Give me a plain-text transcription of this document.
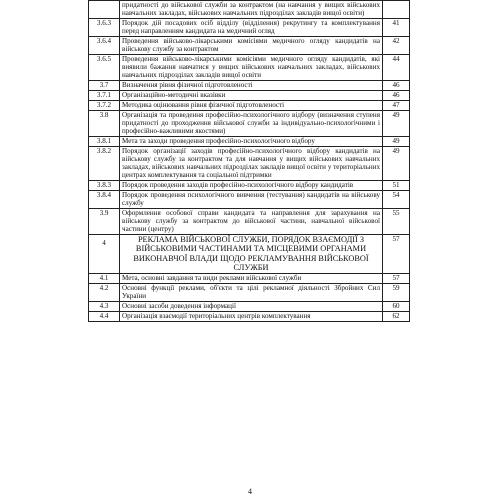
	придатності до військової служби за контрактом (на навчання у вищих військових навчальних закладах, військових навчальних підрозділах закладів вищої освіти)	
3.6.3	Порядок дій посадових осіб відділу (відділення) рекрутингу та комплектування перед направленням кандидата на медичний огляд	41
3.6.4	Проведення військово-лікарськими комісіями медичного огляду кандидатів на військову службу за контрактом	42
3.6.5	Проведення військово-лікарськими комісіями медичного огляду кандидатів, які виявили бажання навчатися у вищих військових навчальних закладах, військових навчальних підрозділах закладів вищої освіти	44
3.7	Визначення рівня фізичної підготовленості	46
3.7.1	Організаційно-методичні вказівки	46
3.7.2	Методика оцінювання рівня фізичної підготовленості	47
3.8	Організація та проведення професійно-психологічного відбору (визначення ступеня придатності до проходження військової служби за індивідуально-психологічними і професійно-важливими якостями)	49
3.8.1	Мета та заходи проведення професійно-психологічного відбору	49
3.8.2	Порядок організації заходів професійно-психологічного відбору кандидатів на військову службу за контрактом та для навчання у вищих військових навчальних закладах, військових навчальних підрозділах закладів вищої освіти у територіальних центрах комплектування та соціальної підтримки	49
3.8.3	Порядок проведення заходів професійно-психологічного відбору кандидатів	51
3.8.4	Порядок проведення психологічного вивчення (тестування) кандидатів на військову службу	54
3.9	Оформлення особової справи кандидата та направлення для зарахування на військову службу за контрактом до військової частини, навчальної військової частини (центру)	55
4	РЕКЛАМА ВІЙСЬКОВОЇ СЛУЖБИ, ПОРЯДОК ВЗАЄМОДІЇ З ВІЙСЬКОВИМИ ЧАСТИНАМИ ТА МІСЦЕВИМИ ОРГАНАМИ ВИКОНАВЧОЇ ВЛАДИ ЩОДО РЕКЛАМУВАННЯ ВІЙСЬКОВОЇ СЛУЖБИ	57
4.1	Мета, основні завдання та види реклами військової служби	57
4.2	Основні функції реклами, об'єкти та цілі рекламної діяльності Збройних Сил України	59
4.3	Основні засоби доведення інформації	60
4.4	Організація взаємодії територіальних центрів комплектування	62
4
